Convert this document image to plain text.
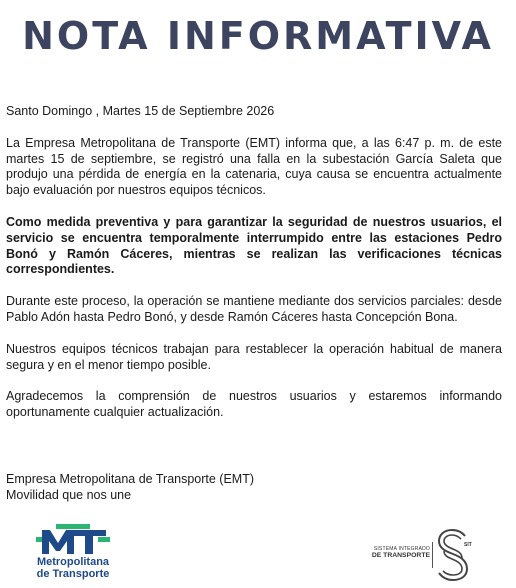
NOTA INFORMATIVA

Santo Domingo , Martes 15 de Septiembre 2026

La Empresa Metropolitana de Transporte (EMT) informa que, a las 6:47 p. m. de este martes 15 de septiembre, se registró una falla en la subestación García Saleta que produjo una pérdida de energía en la catenaria, cuya causa se encuentra actualmente bajo evaluación por nuestros equipos técnicos.

Como medida preventiva y para garantizar la seguridad de nuestros usuarios, el servicio se encuentra temporalmente interrumpido entre las estaciones Pedro Bonó y Ramón Cáceres, mientras se realizan las verificaciones técnicas correspondientes.

Durante este proceso, la operación se mantiene mediante dos servicios parciales: desde Pablo Adón hasta Pedro Bonó, y desde Ramón Cáceres hasta Concepción Bona.

Nuestros equipos técnicos trabajan para restablecer la operación habitual de manera segura y en el menor tiempo posible.

Agradecemos la comprensión de nuestros usuarios y estaremos informando oportunamente cualquier actualización.

Empresa Metropolitana de Transporte (EMT)
Movilidad que nos une
Metropolitana
de Transporte
SISTEMA INTEGRADO
DE TRANSPORTE
SIT
